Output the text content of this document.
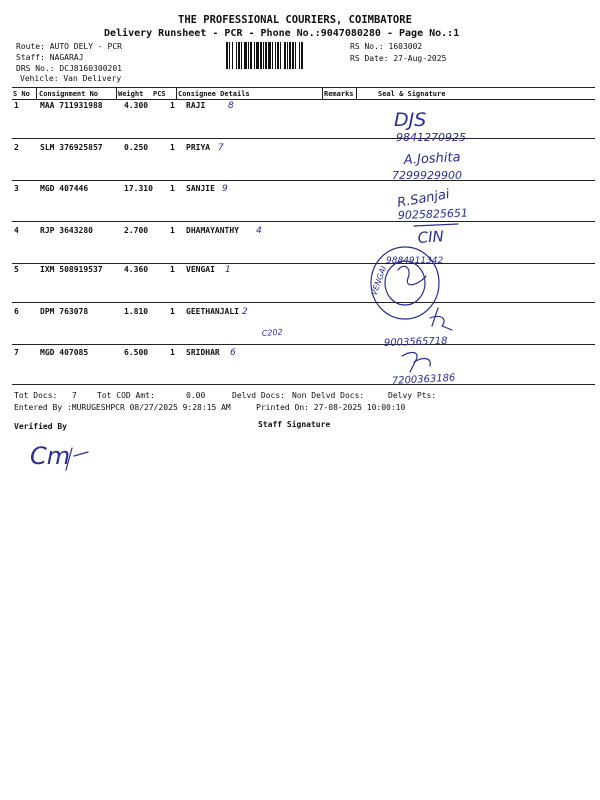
THE PROFESSIONAL COURIERS, COIMBATORE
Delivery Runsheet - PCR - Phone No.:9047080280 - Page No.:1
Route: AUTO DELY - PCR
Staff: NAGARAJ
DRS No.: DCJ8160300201
Vehicle: Van Delivery
RS No.: 1603002
RS Date: 27-Aug-2025
S No Consignment No	Weight PCS Consignee Details	Remarks	Seal & Signature
1	MAA 711931988	4.300	1 RAJI
2	SLM 376925857	0.250	1 PRIYA
3	MGD 407446	17.310 1 SANJIE
4	RJP 3643280	2.700	1 DHAMAYANTHY
5	IXM 508919537	4.360	1 VENGAI
6	DPM 763078	1.810	1 GEETHANJALI
7	MGD 407085	6.500	1 SRIDHAR
8
7
9
4
1
2
6
DJS
9841270925
A.Joshita
7299929900
R.Sanjai
9025825651
CIN
9884911342
VENGAI
C202
9003565718
7200363186
Cm
Tot Docs: 7	Tot COD Amt:	0.00	Delvd Docs: Non Delvd Docs:	Delvy Pts:
Entered By :MURUGESHPCR 08/27/2025 9:28:15 AM	Printed On: 27-08-2025 10:00:10
Verified By	Staff Signature
